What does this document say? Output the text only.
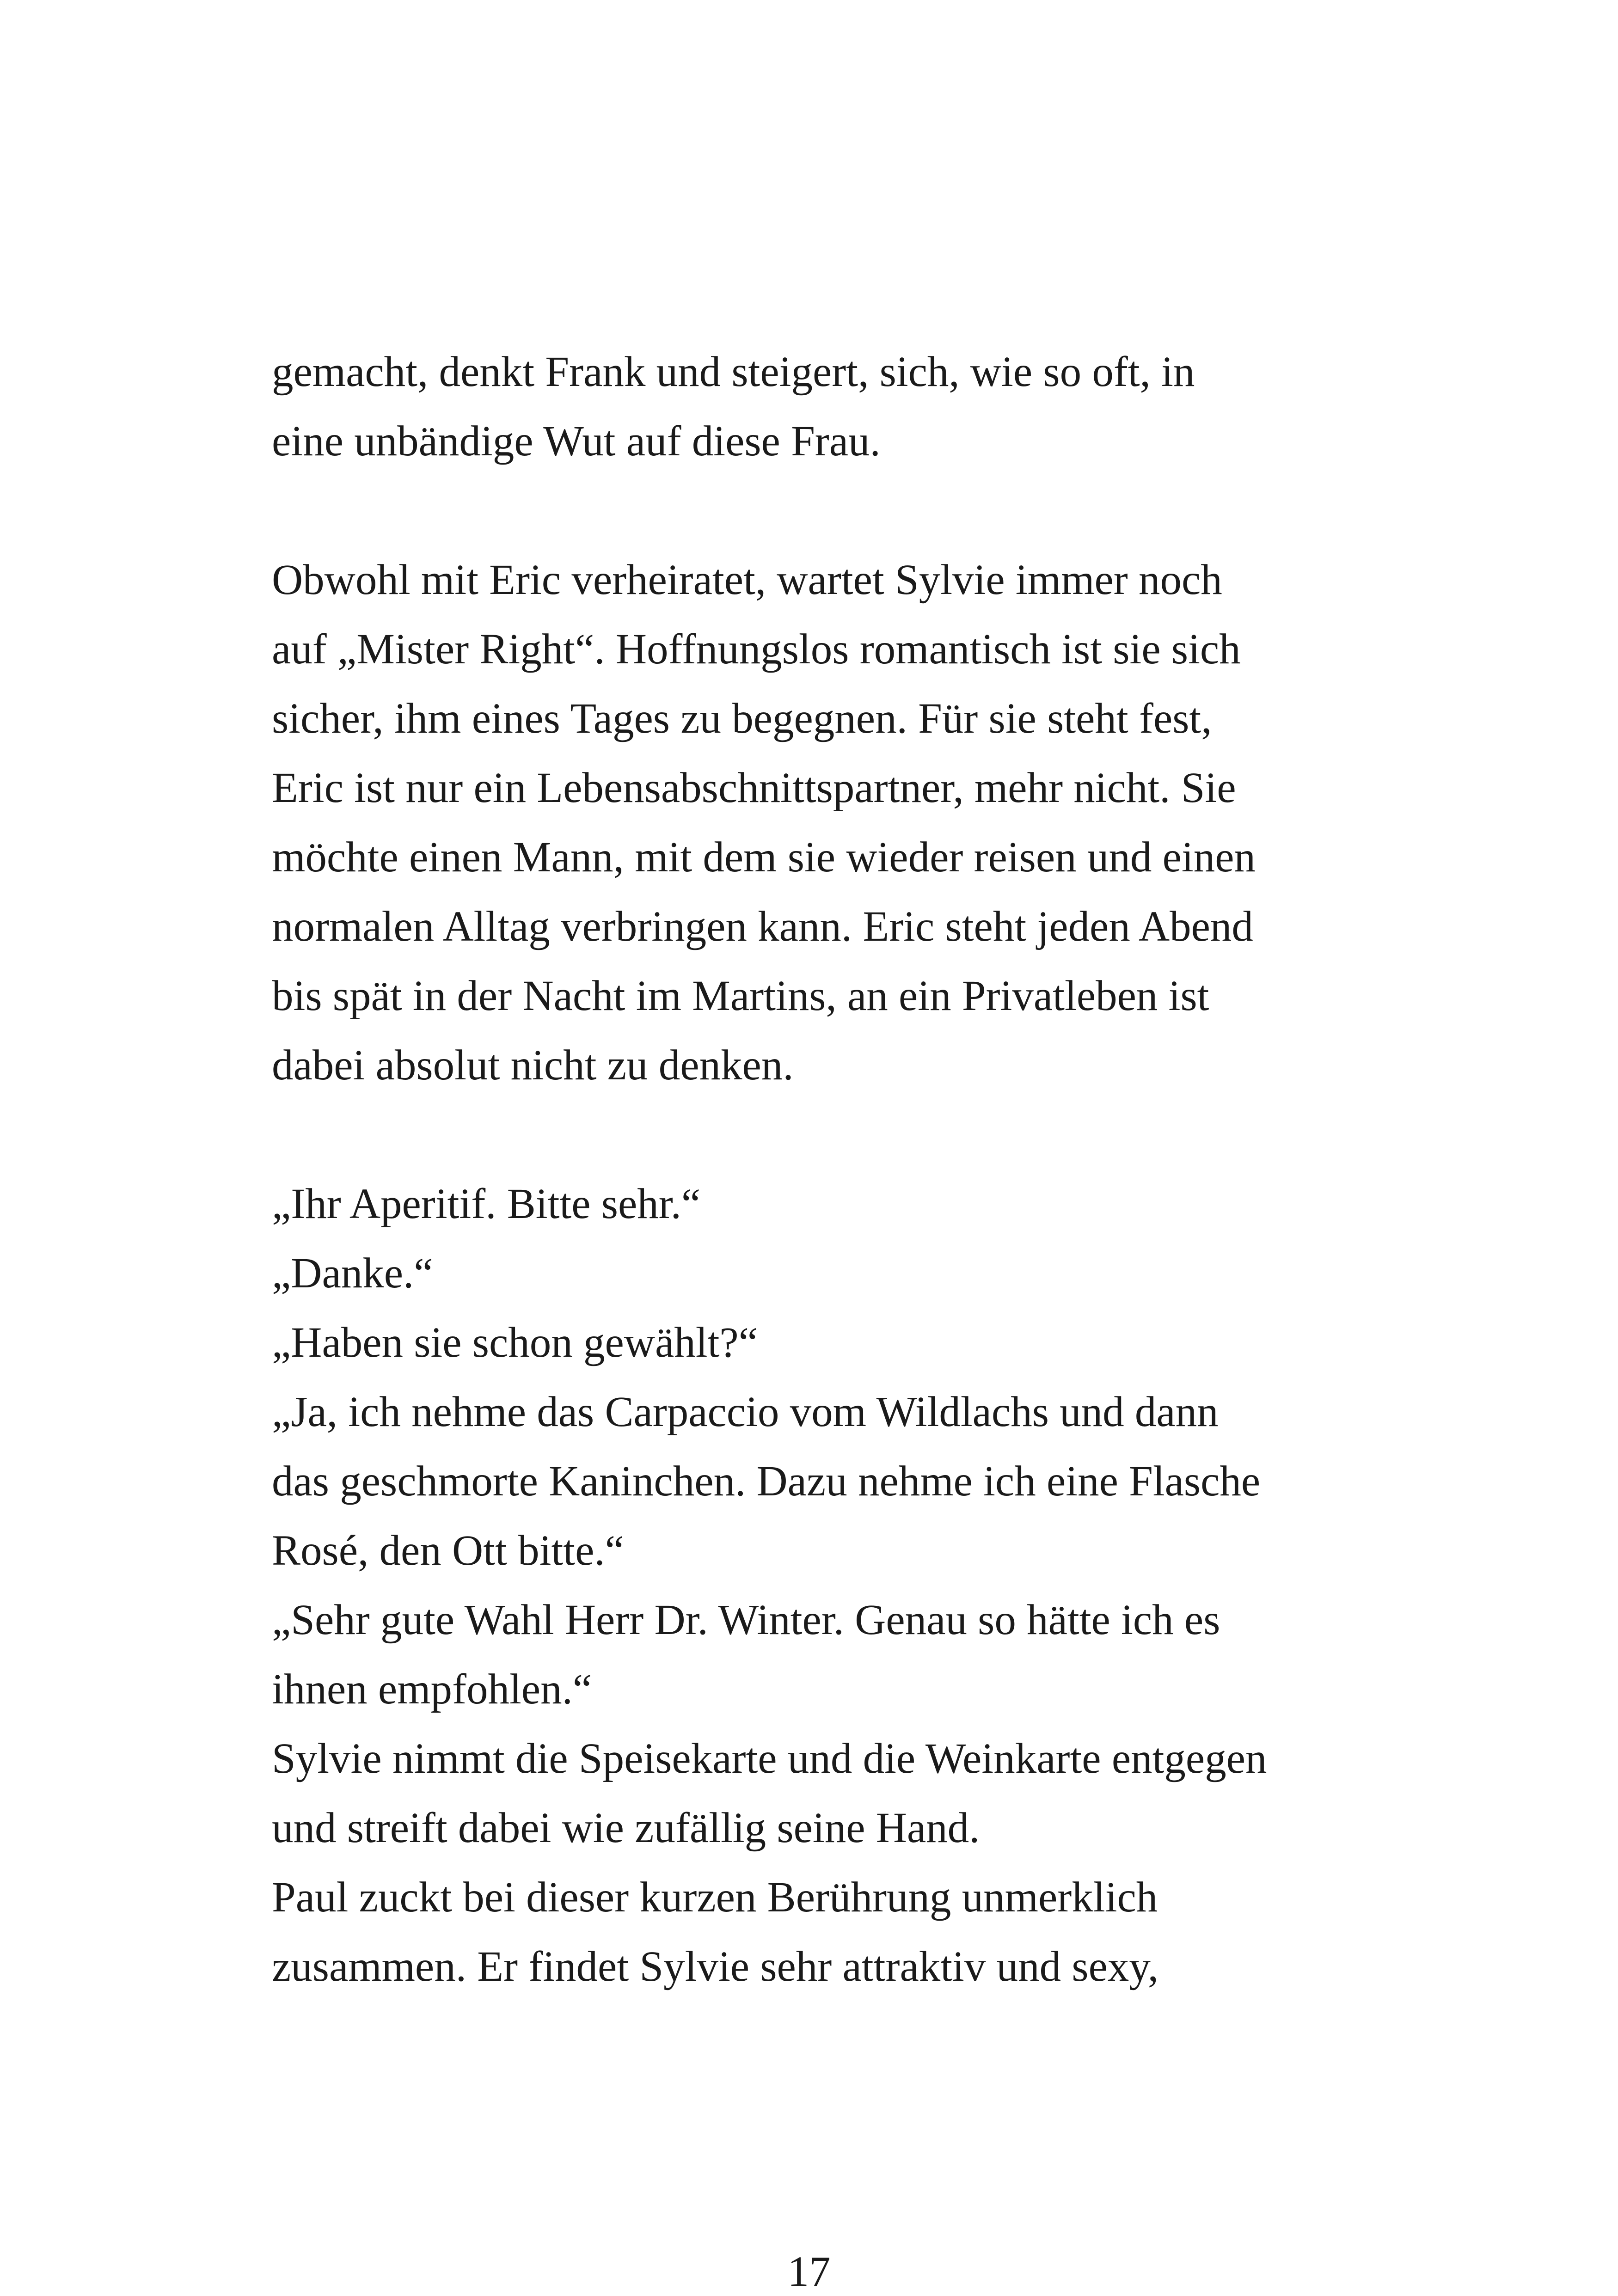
gemacht, denkt Frank und steigert, sich, wie so oft, in
eine unbändige Wut auf diese Frau.
Obwohl mit Eric verheiratet, wartet Sylvie immer noch
auf „Mister Right“. Hoffnungslos romantisch ist sie sich
sicher, ihm eines Tages zu begegnen. Für sie steht fest,
Eric ist nur ein Lebensabschnittspartner, mehr nicht. Sie
möchte einen Mann, mit dem sie wieder reisen und einen
normalen Alltag verbringen kann. Eric steht jeden Abend
bis spät in der Nacht im Martins, an ein Privatleben ist
dabei absolut nicht zu denken.
„Ihr Aperitif. Bitte sehr.“
„Danke.“
„Haben sie schon gewählt?“
„Ja, ich nehme das Carpaccio vom Wildlachs und dann
das geschmorte Kaninchen. Dazu nehme ich eine Flasche
Rosé, den Ott bitte.“
„Sehr gute Wahl Herr Dr. Winter. Genau so hätte ich es
ihnen empfohlen.“
Sylvie nimmt die Speisekarte und die Weinkarte entgegen
und streift dabei wie zufällig seine Hand.
Paul zuckt bei dieser kurzen Berührung unmerklich
zusammen. Er findet Sylvie sehr attraktiv und sexy,
17
